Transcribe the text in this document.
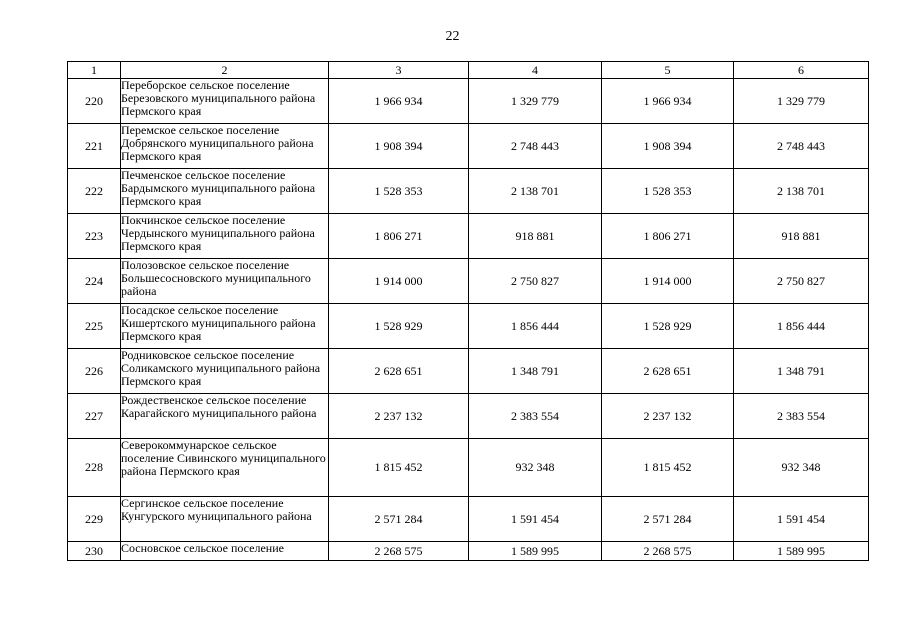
22
1	2	3	4	5	6
220	Переборское сельское поселение Березовского муниципального района Пермского края	1 966 934	1 329 779	1 966 934	1 329 779
221	Перемское сельское поселение Добрянского муниципального района Пермского края	1 908 394	2 748 443	1 908 394	2 748 443
222	Печменское сельское поселение Бардымского муниципального района Пермского края	1 528 353	2 138 701	1 528 353	2 138 701
223	Покчинское сельское поселение Чердынского муниципального района Пермского края	1 806 271	918 881	1 806 271	918 881
224	Полозовское сельское поселение Большесосновского муниципального района	1 914 000	2 750 827	1 914 000	2 750 827
225	Посадское сельское поселение Кишертского муниципального района Пермского края	1 528 929	1 856 444	1 528 929	1 856 444
226	Родниковское сельское поселение Соликамского муниципального района Пермского края	2 628 651	1 348 791	2 628 651	1 348 791
227	Рождественское сельское поселение Карагайского муниципального района	2 237 132	2 383 554	2 237 132	2 383 554
228	Северокоммунарское сельское поселение Сивинского муниципального района Пермского края	1 815 452	932 348	1 815 452	932 348
229	Сергинское сельское поселение Кунгурского муниципального района	2 571 284	1 591 454	2 571 284	1 591 454
230	Сосновское сельское поселение	2 268 575	1 589 995	2 268 575	1 589 995
